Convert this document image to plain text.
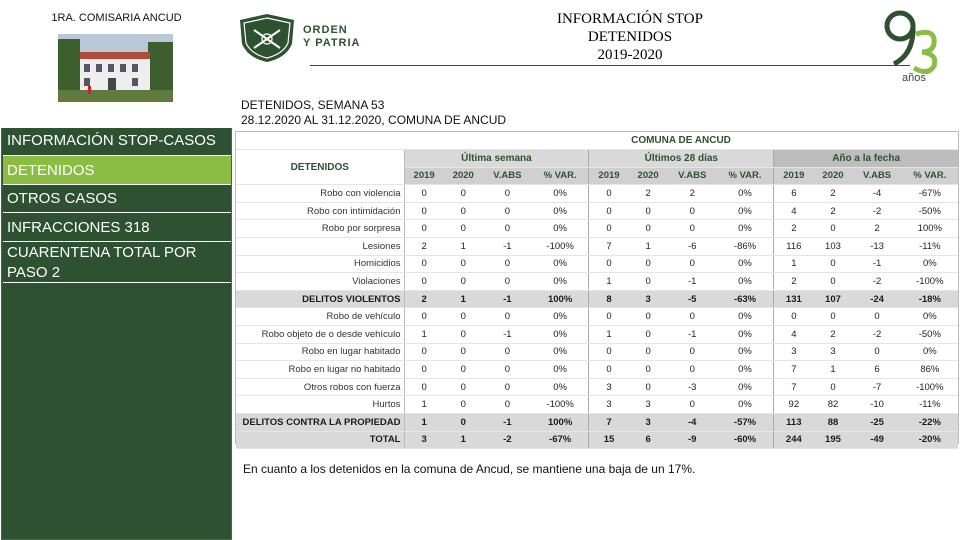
1RA. COMISARIA ANCUD
INFORMACIÓN STOP-CASOS
DETENIDOS
OTROS CASOS
INFRACCIONES 318
CUARENTENA TOTAL POR PASO 2
ORDEN
Y PATRIA
INFORMACIÓN STOP
DETENIDOS
2019-2020
años
DETENIDOS, SEMANA 53
28.12.2020 AL 31.12.2020, COMUNA DE ANCUD
	COMUNA DE ANCUD											
DETENIDOS	Última semana				Últimos 28 días				Año a la fecha			
	2019	2020	V.ABS	% VAR.	2019	2020	V.ABS	% VAR.	2019	2020	V.ABS	% VAR.
Robo con violencia	0	0	0	0%	0	2	2	0%	6	2	-4	-67%
Robo con intimidación	0	0	0	0%	0	0	0	0%	4	2	-2	-50%
Robo por sorpresa	0	0	0	0%	0	0	0	0%	2	0	2	100%
Lesiones	2	1	-1	-100%	7	1	-6	-86%	116	103	-13	-11%
Homicidios	0	0	0	0%	0	0	0	0%	1	0	-1	0%
Violaciones	0	0	0	0%	1	0	-1	0%	2	0	-2	-100%
DELITOS VIOLENTOS	2	1	-1	100%	8	3	-5	-63%	131	107	-24	-18%
Robo de vehículo	0	0	0	0%	0	0	0	0%	0	0	0	0%
Robo objeto de o desde vehículo	1	0	-1	0%	1	0	-1	0%	4	2	-2	-50%
Robo en lugar habitado	0	0	0	0%	0	0	0	0%	3	3	0	0%
Robo en lugar no habitado	0	0	0	0%	0	0	0	0%	7	1	6	86%
Otros robos con fuerza	0	0	0	0%	3	0	-3	0%	7	0	-7	-100%
Hurtos	1	0	0	-100%	3	3	0	0%	92	82	-10	-11%
DELITOS CONTRA LA PROPIEDAD	1	0	-1	100%	7	3	-4	-57%	113	88	-25	-22%
TOTAL	3	1	-2	-67%	15	6	-9	-60%	244	195	-49	-20%
En cuanto a los detenidos en la comuna de Ancud, se mantiene una baja de un 17%.
